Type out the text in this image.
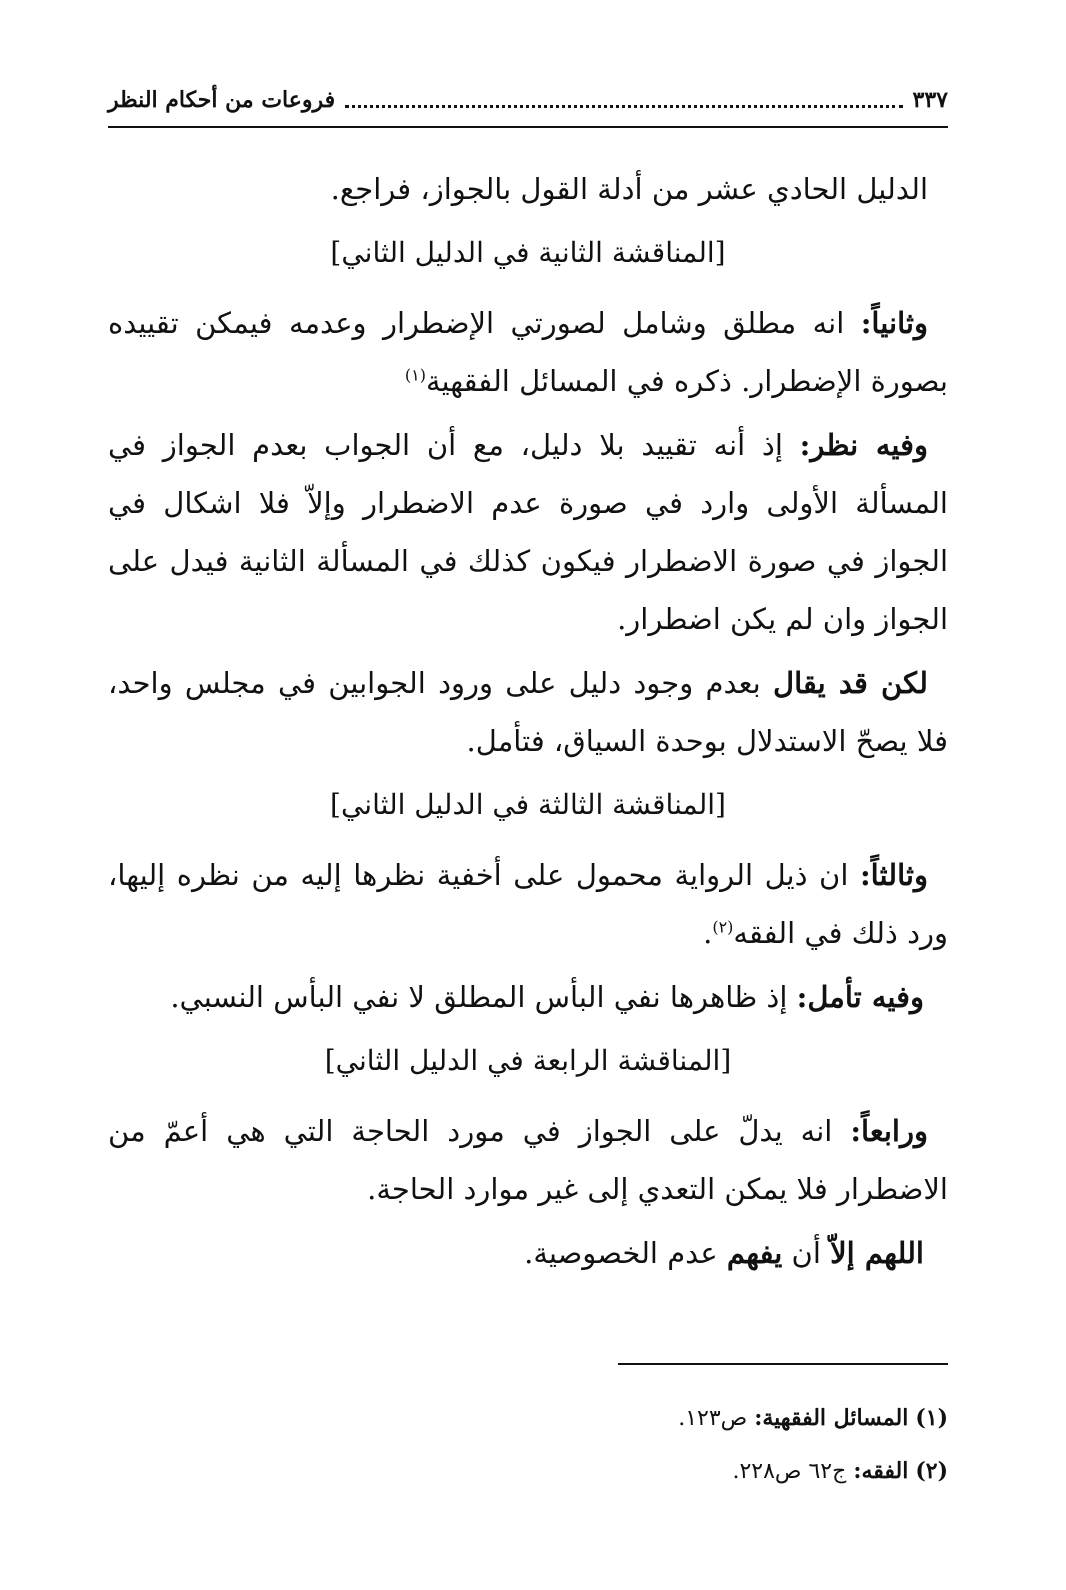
٣٣٧
فروعات من أحكام النظر

الدليل الحادي عشر من أدلة القول بالجواز، فراجع.

[المناقشة الثانية في الدليل الثاني]

وثانياً: انه مطلق وشامل لصورتي الإضطرار وعدمه فيمكن تقييده بصورة الإضطرار. ذكره في المسائل الفقهية$^{(١)}$

وفيه نظر: إذ أنه تقييد بلا دليل، مع أن الجواب بعدم الجواز في المسألة الأولى وارد في صورة عدم الاضطرار وإلاّ فلا اشكال في الجواز في صورة الاضطرار فيكون كذلك في المسألة الثانية فيدل على الجواز وان لم يكن اضطرار.

لكن قد يقال بعدم وجود دليل على ورود الجوابين في مجلس واحد، فلا يصحّ الاستدلال بوحدة السياق، فتأمل.

[المناقشة الثالثة في الدليل الثاني]

وثالثاً: ان ذيل الرواية محمول على أخفية نظرها إليه من نظره إليها، ورد ذلك في الفقه$^{(٢)}$.

وفيه تأمل: إذ ظاهرها نفي البأس المطلق لا نفي البأس النسبي.

[المناقشة الرابعة في الدليل الثاني]

ورابعاً: انه يدلّ على الجواز في مورد الحاجة التي هي أعمّ من الاضطرار فلا يمكن التعدي إلى غير موارد الحاجة.

اللهم إلاّ أن يفهم عدم الخصوصية.

(١) المسائل الفقهية: ص١٢٣.
(٢) الفقه: ج٦٢ ص٢٢٨.
